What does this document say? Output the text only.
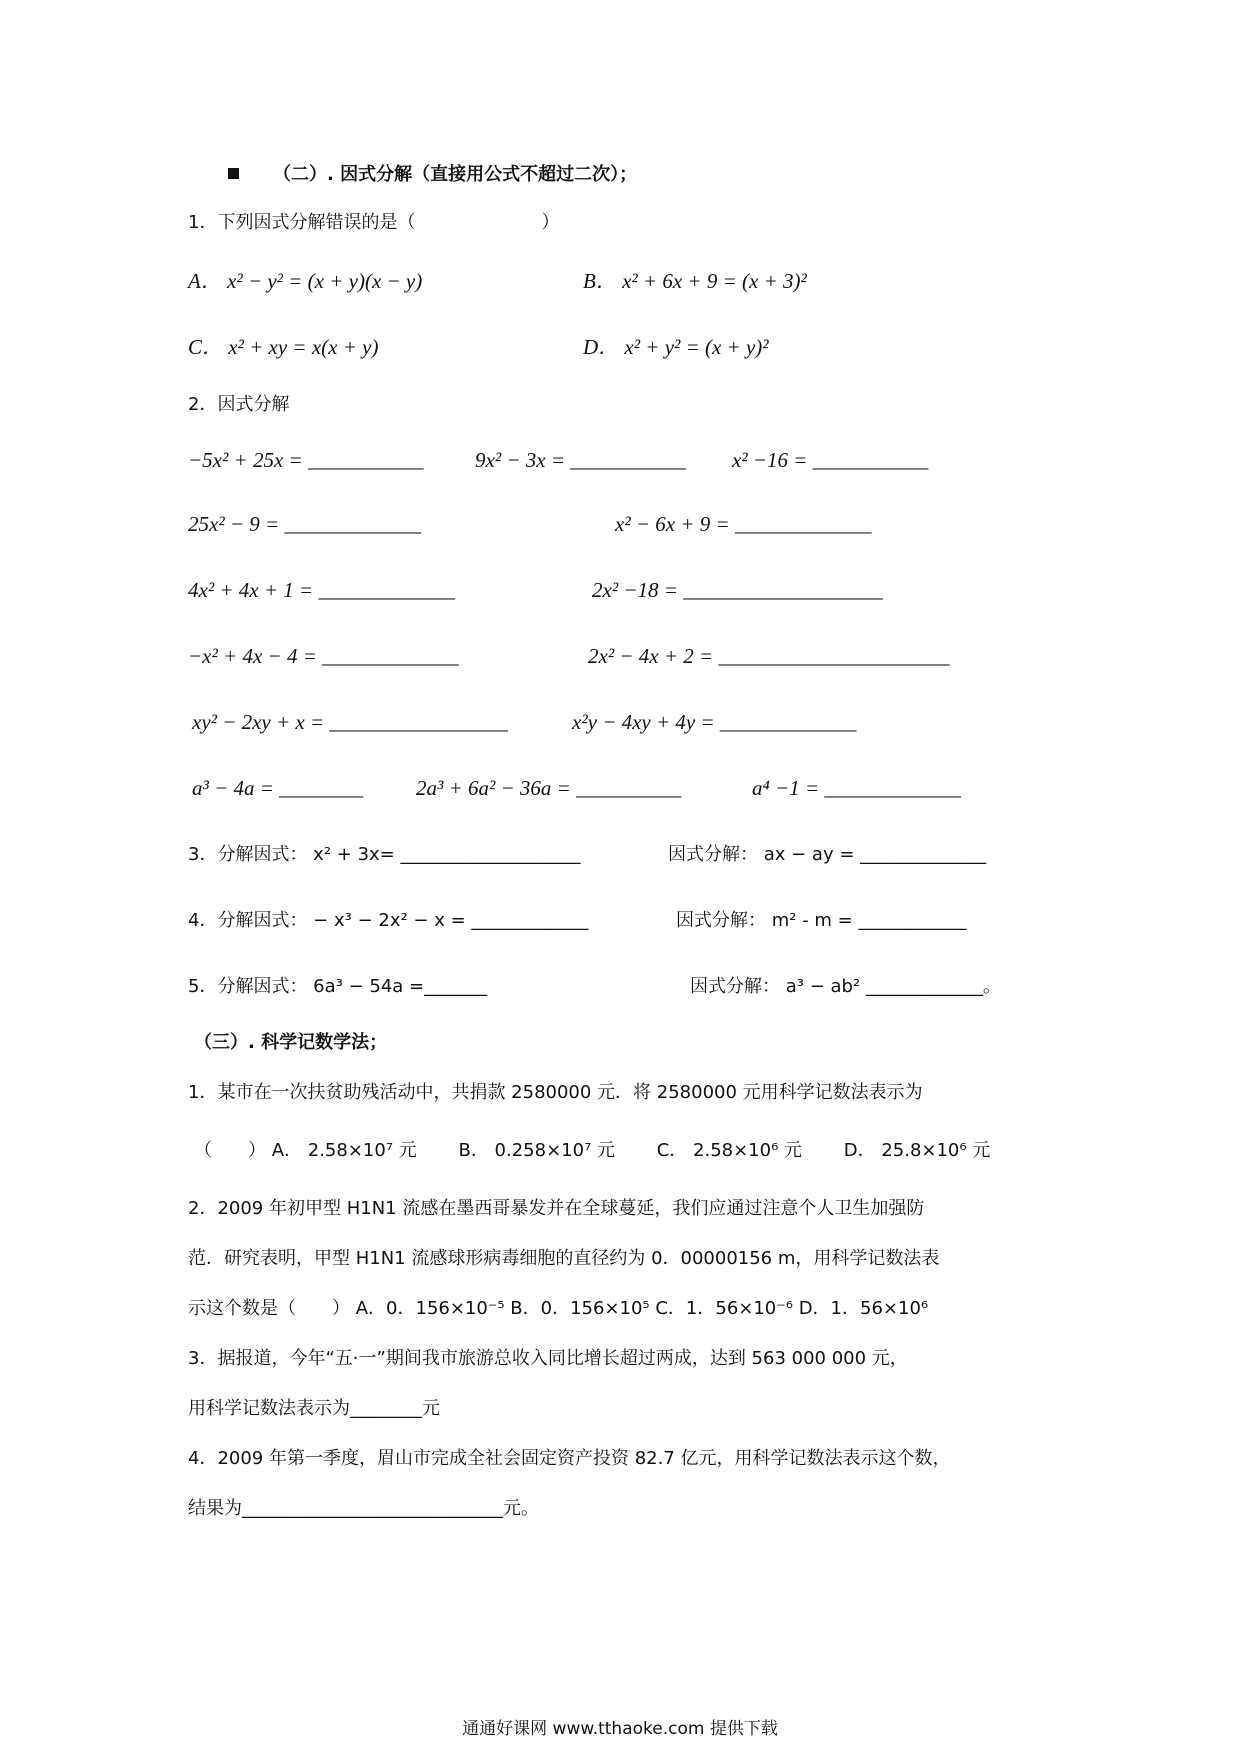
（二）. 因式分解（直接用公式不超过二次）；
1．下列因式分解错误的是（　　　　　　　）
A． x² − y² = (x + y)(x − y)	B． x² + 6x + 9 = (x + 3)²
C． x² + xy = x(x + y)	D． x² + y² = (x + y)²
2．因式分解
−5x² + 25x = ___________ 9x² − 3x = ___________ x² −16 = ___________
25x² − 9 = _____________	x² − 6x + 9 = _____________
4x² + 4x + 1 = _____________	2x² −18 = ___________________
−x² + 4x − 4 = _____________	2x² − 4x + 2 = ______________________
xy² − 2xy + x = _________________	x²y − 4xy + 4y = _____________
a³ − 4a = ________	2a³ + 6a² − 36a = __________	a⁴ −1 = _____________
3．分解因式： x² + 3x= ____________________	因式分解： ax − ay = ______________
4．分解因式： − x³ − 2x² − x = _____________	因式分解： m² - m = ____________
5．分解因式： 6a³ − 54a =_______	因式分解： a³ − ab² _____________。
（三）. 科学记数学法；
1．某市在一次扶贫助残活动中，共捐款 2580000 元．将 2580000 元用科学记数法表示为
（　　） A． 2.58×10⁷ 元　　 B． 0.258×10⁷ 元　　 C． 2.58×10⁶ 元　　 D． 25.8×10⁶ 元
2．2009 年初甲型 H1N1 流感在墨西哥暴发并在全球蔓延，我们应通过注意个人卫生加强防
范．研究表明，甲型 H1N1 流感球形病毒细胞的直径约为 0．00000156 m，用科学记数法表
示这个数是（　　） A．0．156×10⁻⁵ B．0．156×10⁵ C．1．56×10⁻⁶ D．1．56×10⁶
3．据报道，今年“五·一”期间我市旅游总收入同比增长超过两成，达到 563 000 000 元，
用科学记数法表示为________元
4．2009 年第一季度，眉山市完成全社会固定资产投资 82.7 亿元，用科学记数法表示这个数，
结果为_____________________________元。
通通好课网 www.tthaoke.com 提供下载
